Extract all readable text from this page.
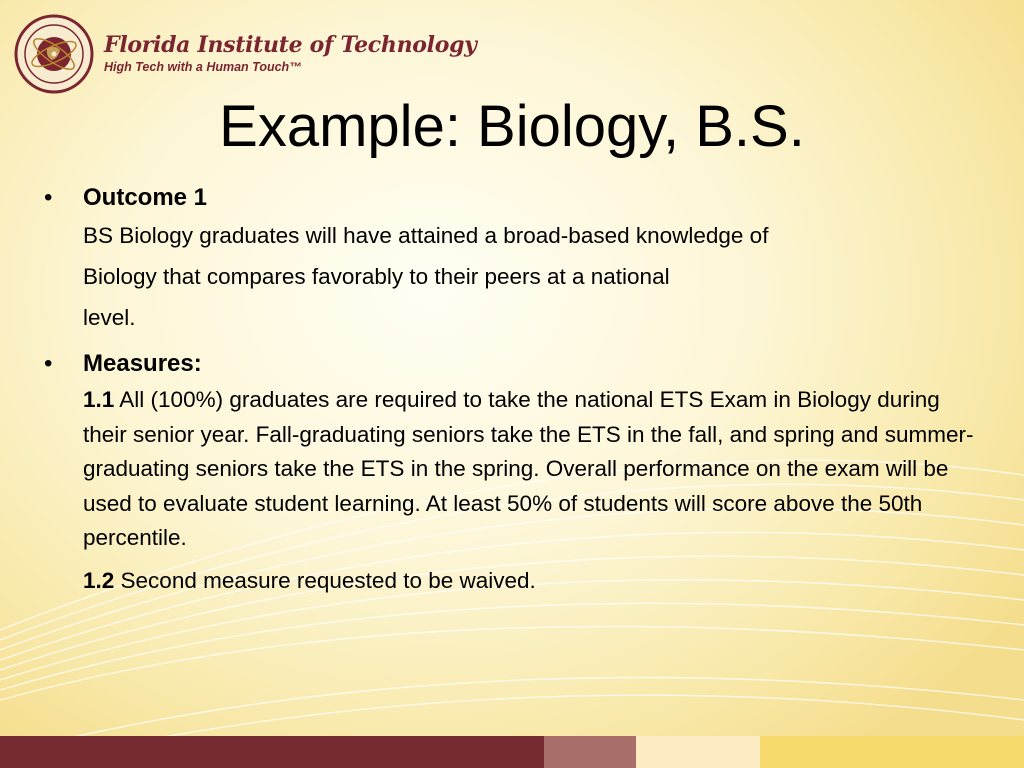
Florida Institute of Technology
High Tech with a Human Touch™
Example: Biology, B.S.
• Outcome 1
BS Biology graduates will have attained a broad-based knowledge of
Biology that compares favorably to their peers at a national
level.
• Measures:
1.1 All (100%) graduates are required to take the national ETS Exam in Biology during their senior year. Fall-graduating seniors take the ETS in the fall, and spring and summer-graduating seniors take the ETS in the spring. Overall performance on the exam will be used to evaluate student learning. At least 50% of students will score above the 50th percentile.
1.2 Second measure requested to be waived.
